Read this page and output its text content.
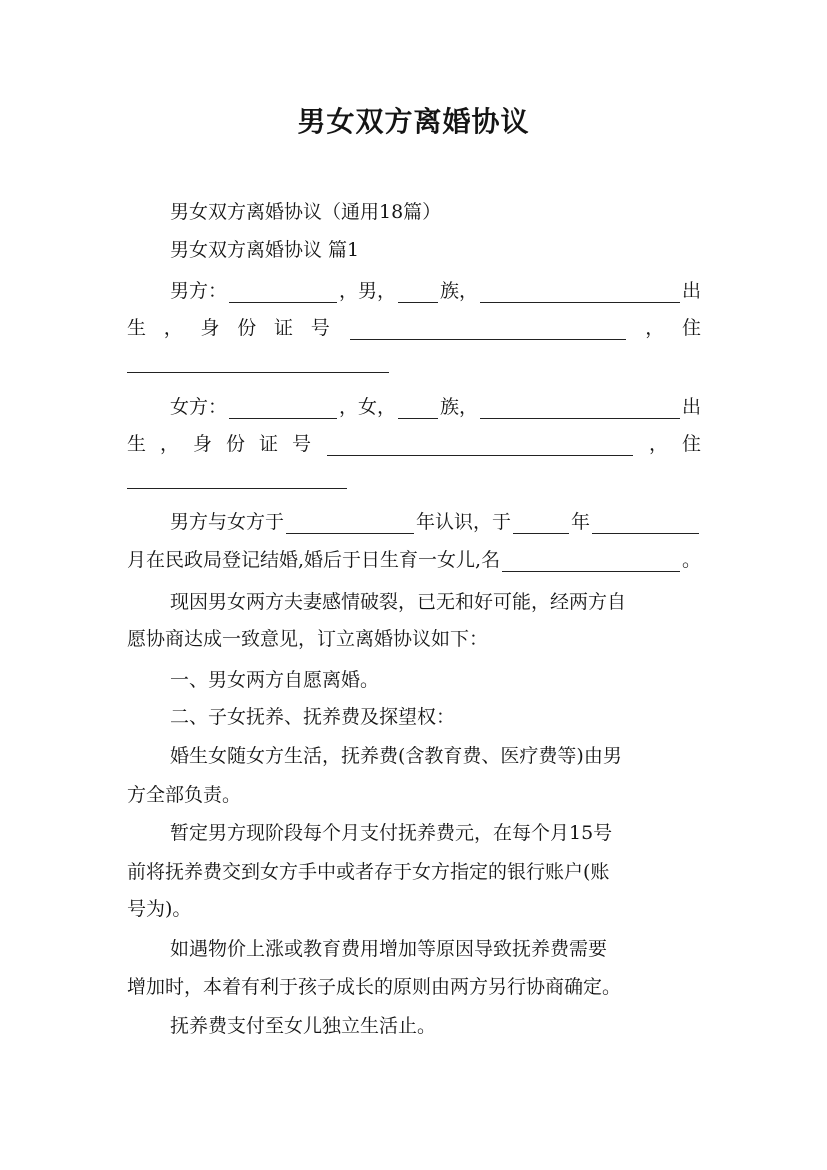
男女双方离婚协议
男女双方离婚协议（通用18篇）
男女双方离婚协议 篇1
男方：	， 男， 族，	出
生 ， 身 份 证 号	， 住
女方：	， 女， 族，	出
生 ， 身 份 证 号	， 住
男方与女方于	年认识，于	年
月在民政局登记结婚,婚后于日生育一女儿,名	。
现因男女两方夫妻感情破裂，已无和好可能，经两方自
愿协商达成一致意见，订立离婚协议如下：
一、男女两方自愿离婚。
二、子女抚养、抚养费及探望权：
婚生女随女方生活，抚养费(含教育费、医疗费等)由男
方全部负责。
暂定男方现阶段每个月支付抚养费元，在每个月15号
前将抚养费交到女方手中或者存于女方指定的银行账户(账
号为)。
如遇物价上涨或教育费用增加等原因导致抚养费需要
增加时，本着有利于孩子成长的原则由两方另行协商确定。
抚养费支付至女儿独立生活止。
